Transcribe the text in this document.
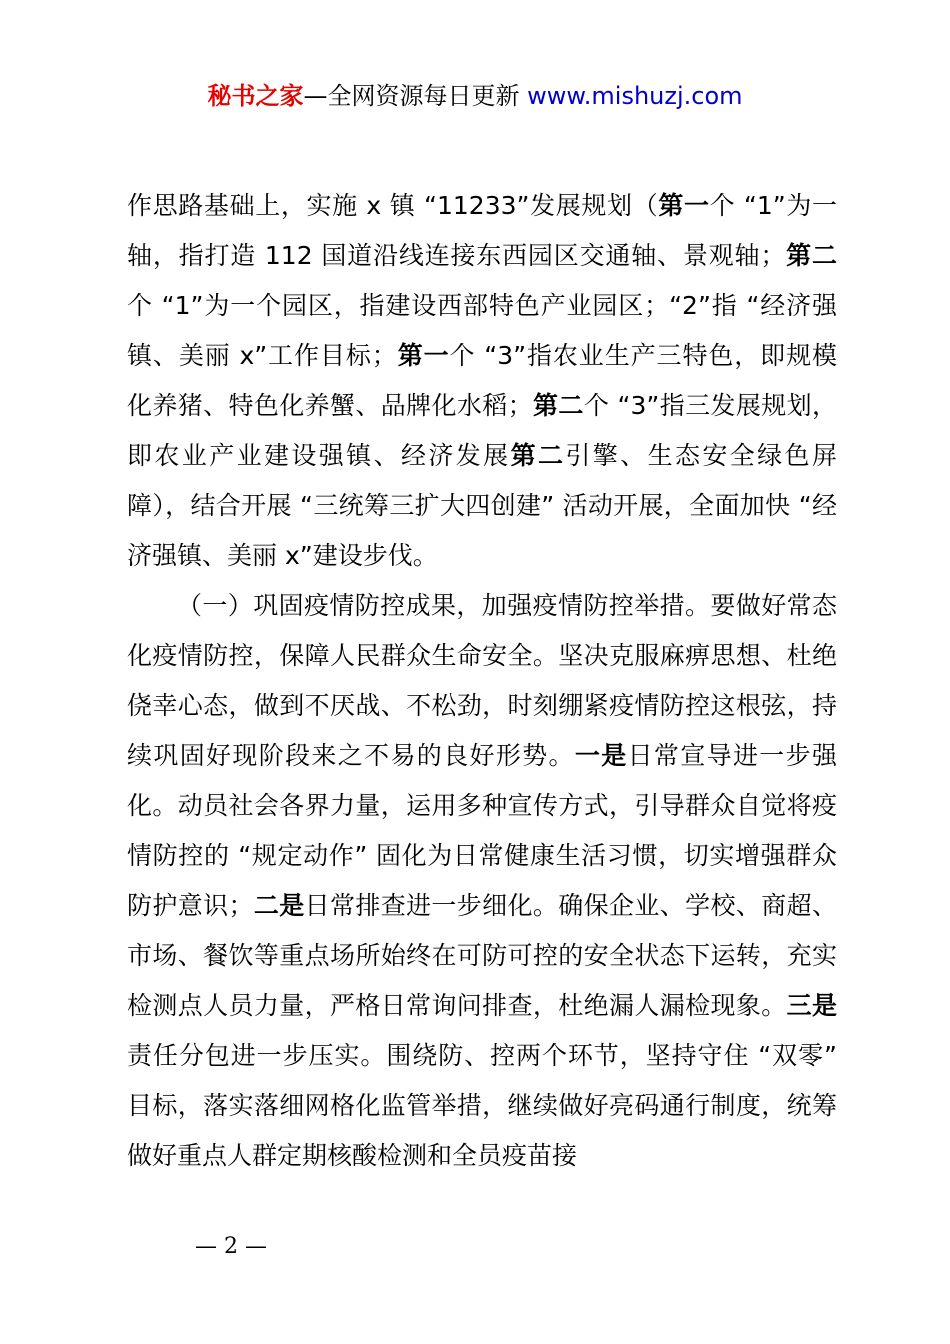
秘书之家—全网资源每日更新 www.mishuzj.com

作思路基础上，实施 x 镇 “11233”发展规划（第一个 “1”为一轴，指打造 112 国道沿线连接东西园区交通轴、景观轴；第二个 “1”为一个园区，指建设西部特色产业园区；“2”指 “经济强镇、美丽 x”工作目标；第一个 “3”指农业生产三特色，即规模化养猪、特色化养蟹、品牌化水稻；第二个 “3”指三发展规划，即农业产业建设强镇、经济发展第二引擎、生态安全绿色屏障），结合开展 “三统筹三扩大四创建” 活动开展，全面加快 “经济强镇、美丽 x”建设步伐。

（一）巩固疫情防控成果，加强疫情防控举措。要做好常态化疫情防控，保障人民群众生命安全。坚决克服麻痹思想、杜绝侥幸心态，做到不厌战、不松劲，时刻绷紧疫情防控这根弦，持续巩固好现阶段来之不易的良好形势。一是日常宣导进一步强化。动员社会各界力量，运用多种宣传方式，引导群众自觉将疫情防控的 “规定动作” 固化为日常健康生活习惯，切实增强群众防护意识；二是日常排查进一步细化。确保企业、学校、商超、市场、餐饮等重点场所始终在可防可控的安全状态下运转，充实检测点人员力量，严格日常询问排查，杜绝漏人漏检现象。三是责任分包进一步压实。围绕防、控两个环节，坚持守住 “双零” 目标，落实落细网格化监管举措，继续做好亮码通行制度，统筹做好重点人群定期核酸检测和全员疫苗接

— 2 —
